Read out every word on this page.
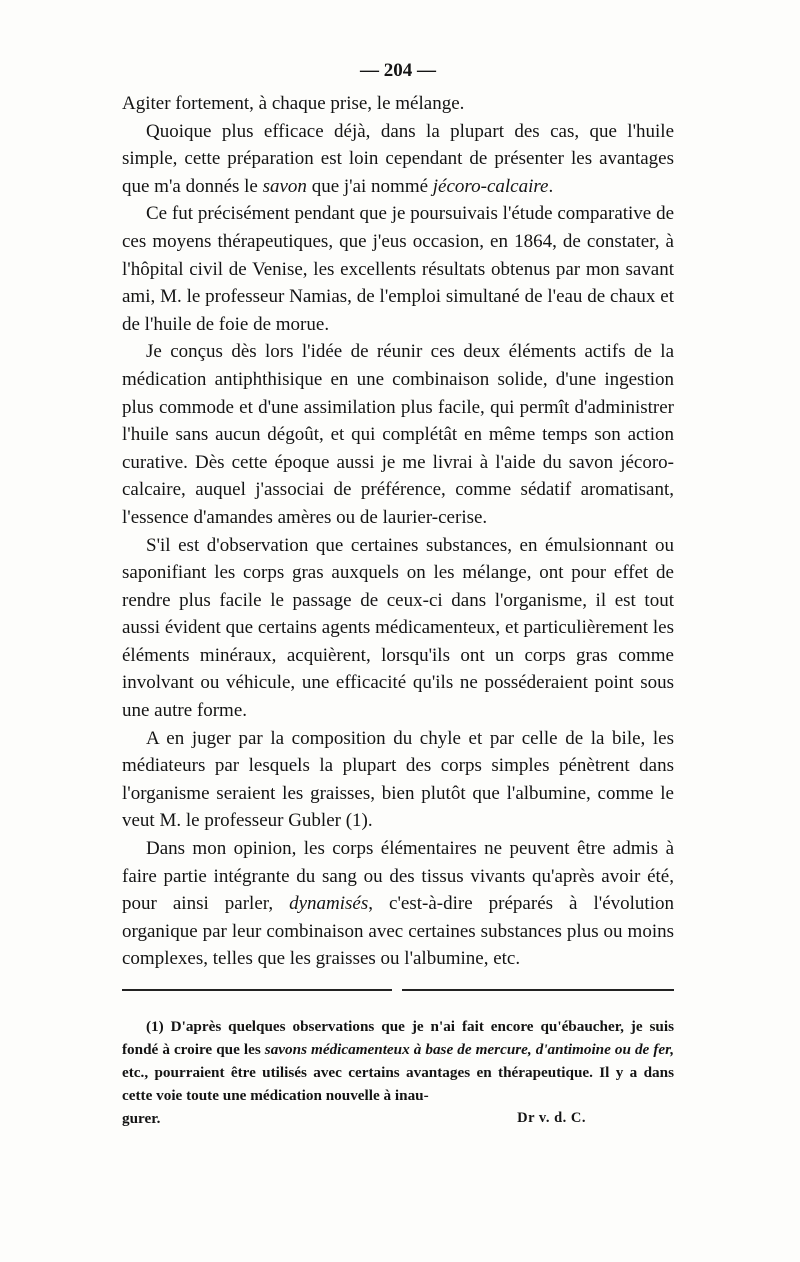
— 204 —

Agiter fortement, à chaque prise, le mélange.

Quoique plus efficace déjà, dans la plupart des cas, que l'huile simple, cette préparation est loin cependant de présenter les avantages que m'a donnés le savon que j'ai nommé jécoro-calcaire.

Ce fut précisément pendant que je poursuivais l'étude comparative de ces moyens thérapeutiques, que j'eus occasion, en 1864, de constater, à l'hôpital civil de Venise, les excellents résultats obtenus par mon savant ami, M. le professeur Namias, de l'emploi simultané de l'eau de chaux et de l'huile de foie de morue.

Je conçus dès lors l'idée de réunir ces deux éléments actifs de la médication antiphthisique en une combinaison solide, d'une ingestion plus commode et d'une assimilation plus facile, qui permît d'administrer l'huile sans aucun dégoût, et qui complétât en même temps son action curative. Dès cette époque aussi je me livrai à l'aide du savon jécoro-calcaire, auquel j'associai de préférence, comme sédatif aromatisant, l'essence d'amandes amères ou de laurier-cerise.

S'il est d'observation que certaines substances, en émulsionnant ou saponifiant les corps gras auxquels on les mélange, ont pour effet de rendre plus facile le passage de ceux-ci dans l'organisme, il est tout aussi évident que certains agents médicamenteux, et particulièrement les éléments minéraux, acquièrent, lorsqu'ils ont un corps gras comme involvant ou véhicule, une efficacité qu'ils ne posséderaient point sous une autre forme.

A en juger par la composition du chyle et par celle de la bile, les médiateurs par lesquels la plupart des corps simples pénètrent dans l'organisme seraient les graisses, bien plutôt que l'albumine, comme le veut M. le professeur Gubler (1).

Dans mon opinion, les corps élémentaires ne peuvent être admis à faire partie intégrante du sang ou des tissus vivants qu'après avoir été, pour ainsi parler, dynamisés, c'est-à-dire préparés à l'évolution organique par leur combinaison avec certaines substances plus ou moins complexes, telles que les graisses ou l'albumine, etc.

(1) D'après quelques observations que je n'ai fait encore qu'ébaucher, je suis fondé à croire que les savons médicamenteux à base de mercure, d'antimoine ou de fer, etc., pourraient être utilisés avec certains avantages en thérapeutique. Il y a dans cette voie toute une médication nouvelle à inau-

gurer.	Dr v. d. C.
